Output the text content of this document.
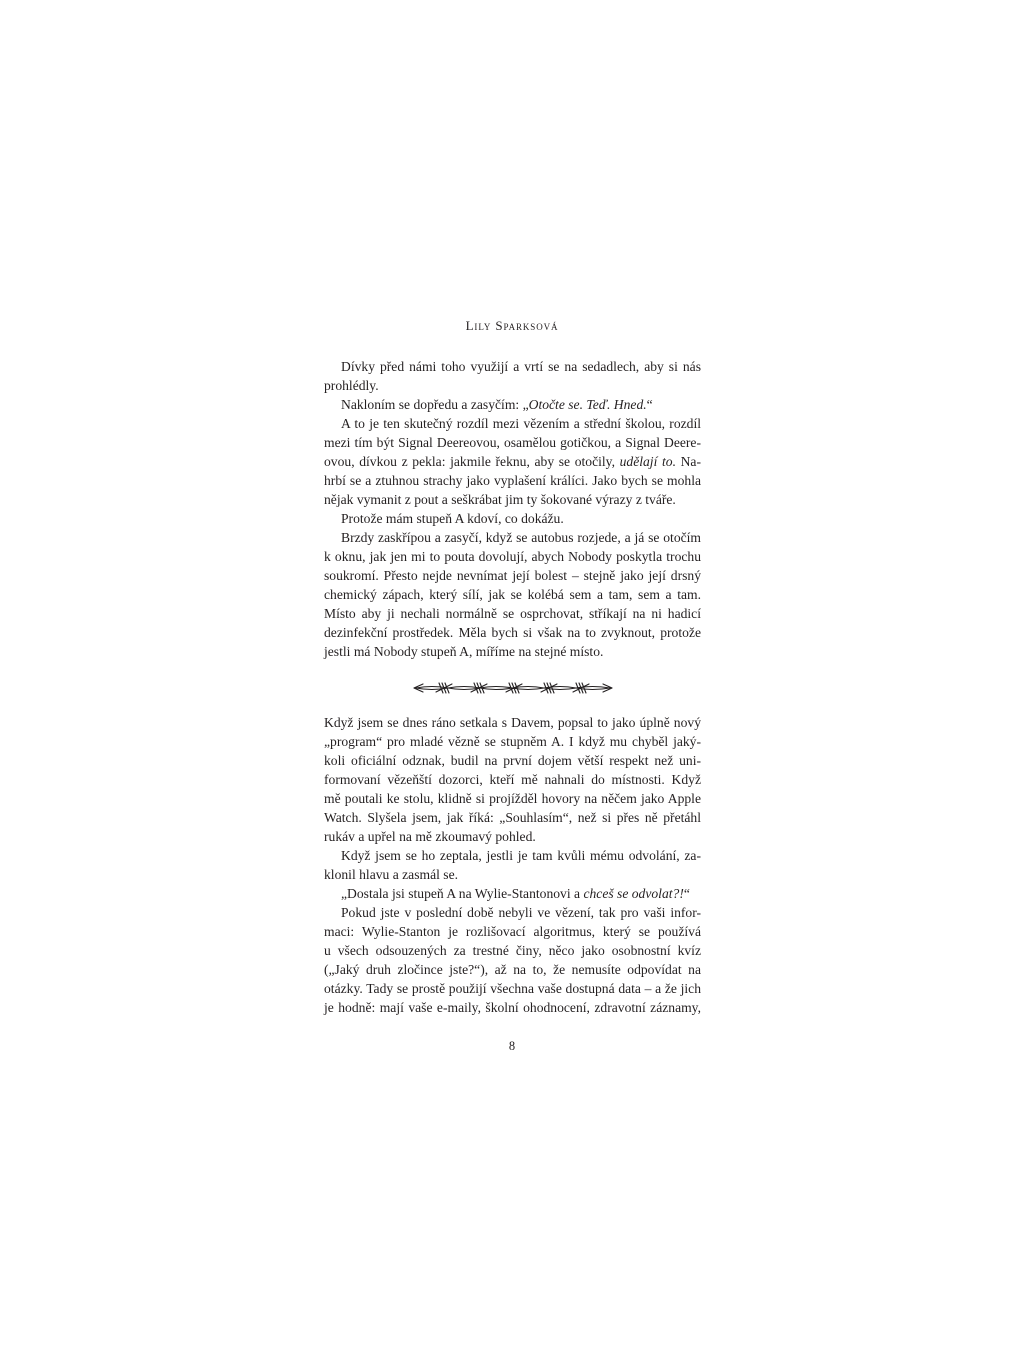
Lily Sparksová
Dívky před námi toho využijí a vrtí se na sedadlech, aby si nás
prohlédly.
Nakloním se dopředu a zasyčím: „Otočte se. Teď. Hned.“
A to je ten skutečný rozdíl mezi vězením a střední školou, rozdíl
mezi tím být Signal Deereovou, osamělou gotičkou, a Signal Deere-
ovou, dívkou z pekla: jakmile řeknu, aby se otočily, udělají to. Na-
hrbí se a ztuhnou strachy jako vyplašení králíci. Jako bych se mohla
nějak vymanit z pout a seškrábat jim ty šokované výrazy z tváře.
Protože mám stupeň A kdoví, co dokážu.
Brzdy zaskřípou a zasyčí, když se autobus rozjede, a já se otočím
k oknu, jak jen mi to pouta dovolují, abych Nobody poskytla trochu
soukromí. Přesto nejde nevnímat její bolest – stejně jako její drsný
chemický zápach, který sílí, jak se kolébá sem a tam, sem a tam.
Místo aby ji nechali normálně se osprchovat, stříkají na ni hadicí
dezinfekční prostředek. Měla bych si však na to zvyknout, protože
jestli má Nobody stupeň A, míříme na stejné místo.
Když jsem se dnes ráno setkala s Davem, popsal to jako úplně nový
„program“ pro mladé vězně se stupněm A. I když mu chyběl jaký-
koli oficiální odznak, budil na první dojem větší respekt než uni-
formovaní vězeňští dozorci, kteří mě nahnali do místnosti. Když
mě poutali ke stolu, klidně si projížděl hovory na něčem jako Apple
Watch. Slyšela jsem, jak říká: „Souhlasím“, než si přes ně přetáhl
rukáv a upřel na mě zkoumavý pohled.
Když jsem se ho zeptala, jestli je tam kvůli mému odvolání, za-
klonil hlavu a zasmál se.
„Dostala jsi stupeň A na Wylie-Stantonovi a chceš se odvolat?!“
Pokud jste v poslední době nebyli ve vězení, tak pro vaši infor-
maci: Wylie-Stanton je rozlišovací algoritmus, který se používá
u všech odsouzených za trestné činy, něco jako osobnostní kvíz
(„Jaký druh zločince jste?“), až na to, že nemusíte odpovídat na
otázky. Tady se prostě použijí všechna vaše dostupná data – a že jich
je hodně: mají vaše e-maily, školní ohodnocení, zdravotní záznamy,
8
